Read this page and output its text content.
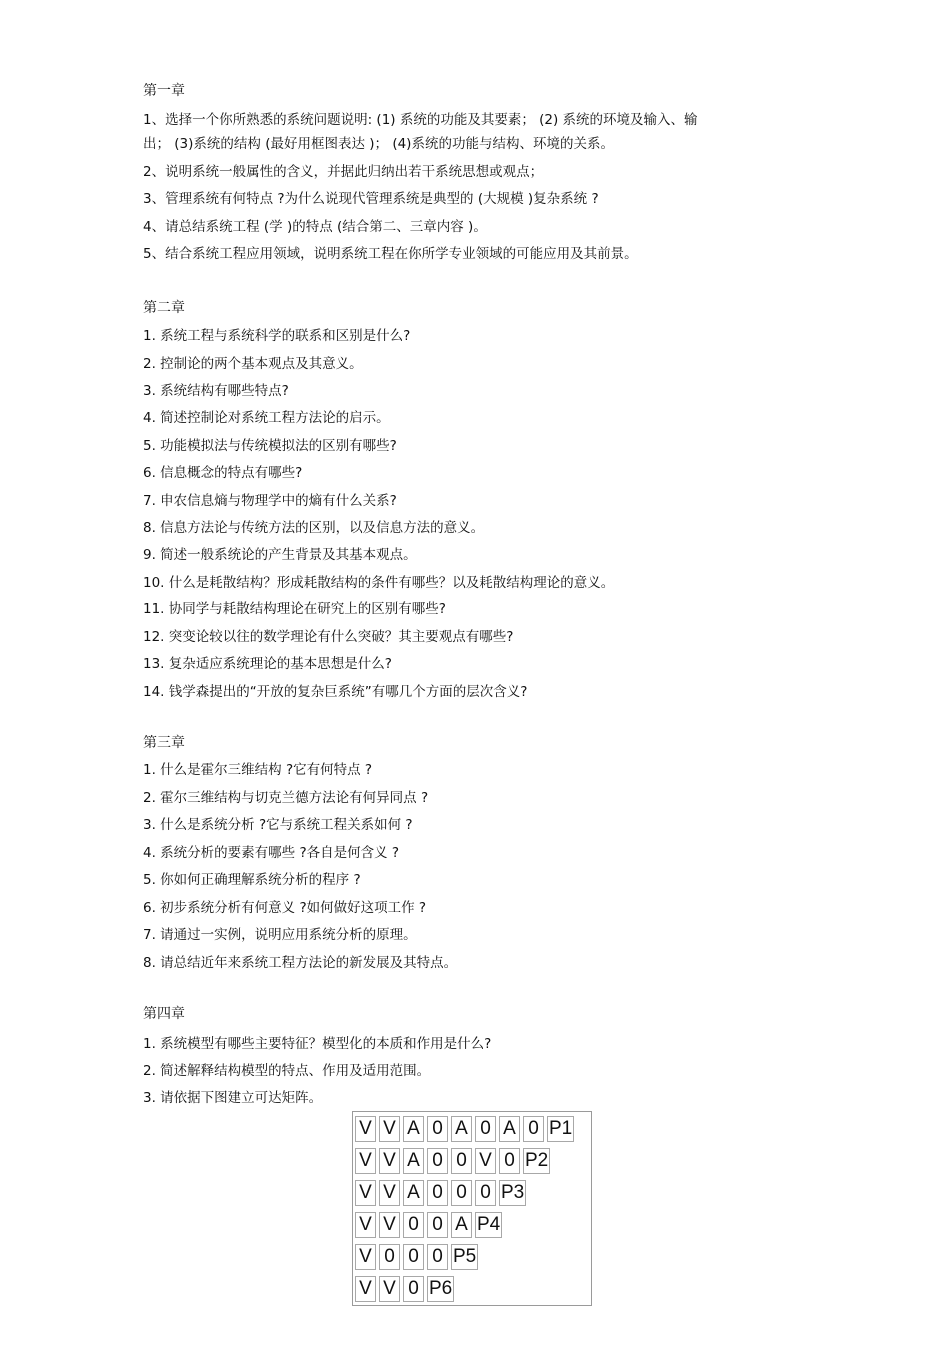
第一章
1、选择一个你所熟悉的系统问题说明: (1) 系统的功能及其要素； (2) 系统的环境及输入、输
出； (3)系统的结构 (最好用框图表达 )； (4)系统的功能与结构、环境的关系。
2、说明系统一般属性的含义，并据此归纳出若干系统思想或观点；
3、管理系统有何特点 ?为什么说现代管理系统是典型的 (大规模 )复杂系统 ?
4、请总结系统工程 (学 )的特点 (结合第二、三章内容 )。
5、结合系统工程应用领域，说明系统工程在你所学专业领域的可能应用及其前景。
第二章
1. 系统工程与系统科学的联系和区别是什么?
2. 控制论的两个基本观点及其意义。
3. 系统结构有哪些特点?
4. 简述控制论对系统工程方法论的启示。
5. 功能模拟法与传统模拟法的区别有哪些?
6. 信息概念的特点有哪些?
7. 申农信息熵与物理学中的熵有什么关系?
8. 信息方法论与传统方法的区别，以及信息方法的意义。
9. 简述一般系统论的产生背景及其基本观点。
10. 什么是耗散结构？形成耗散结构的条件有哪些？以及耗散结构理论的意义。
11. 协同学与耗散结构理论在研究上的区别有哪些?
12. 突变论较以往的数学理论有什么突破？其主要观点有哪些?
13. 复杂适应系统理论的基本思想是什么?
14. 钱学森提出的“开放的复杂巨系统”有哪几个方面的层次含义?
第三章
1. 什么是霍尔三维结构 ?它有何特点 ?
2. 霍尔三维结构与切克兰德方法论有何异同点 ?
3. 什么是系统分析 ?它与系统工程关系如何 ?
4. 系统分析的要素有哪些 ?各自是何含义 ?
5. 你如何正确理解系统分析的程序 ?
6. 初步系统分析有何意义 ?如何做好这项工作 ?
7. 请通过一实例，说明应用系统分析的原理。
8. 请总结近年来系统工程方法论的新发展及其特点。
第四章
1. 系统模型有哪些主要特征？模型化的本质和作用是什么?
2. 简述解释结构模型的特点、作用及适用范围。
3. 请依据下图建立可达矩阵。
V V A 0 A 0 A 0 P1
V V A 0 0 V 0 P2
V V A 0 0 0 P3
V V 0 0 A P4
V 0 0 0 P5
V V 0 P6
